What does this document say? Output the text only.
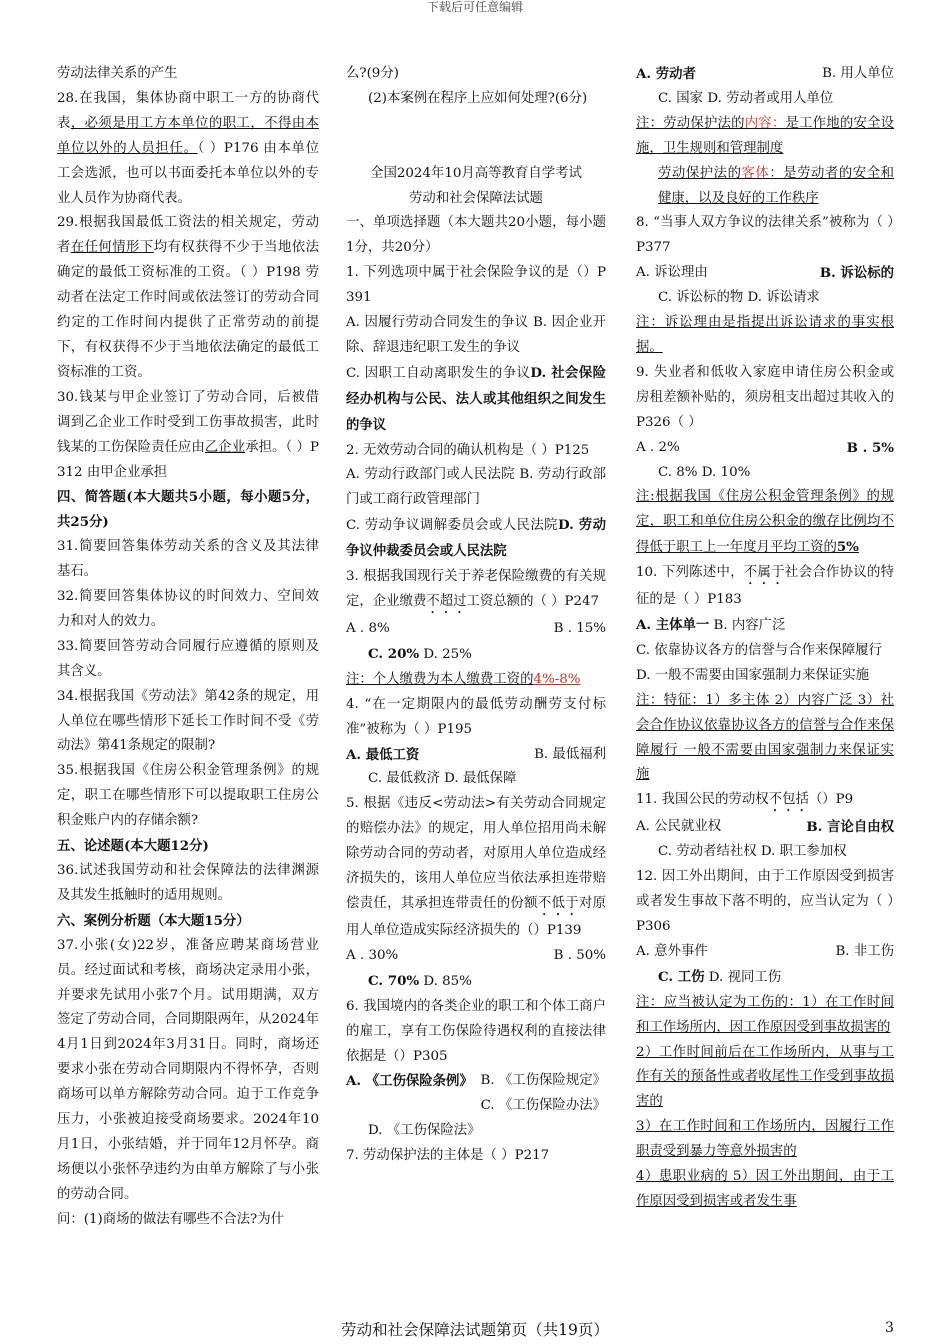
下载后可任意编辑

劳动法律关系的产生

28.在我国，集体协商中职工一方的协商代表，必须是用工方本单位的职工，不得由本单位以外的人员担任。（ ）P176 由本单位工会选派，也可以书面委托本单位以外的专业人员作为协商代表。

29.根据我国最低工资法的相关规定，劳动者在任何情形下均有权获得不少于当地依法确定的最低工资标准的工资。（ ）P198 劳动者在法定工作时间或依法签订的劳动合同约定的工作时间内提供了正常劳动的前提下，有权获得不少于当地依法确定的最低工资标准的工资。

30.钱某与甲企业签订了劳动合同，后被借调到乙企业工作时受到工伤事故损害，此时钱某的工伤保险责任应由乙企业承担。（ ）P312 由甲企业承担

四、简答题(本大题共5小题，每小题5分，共25分)

31.简要回答集体劳动关系的含义及其法律基石。

32.简要回答集体协议的时间效力、空间效力和对人的效力。

33.简要回答劳动合同履行应遵循的原则及其含义。

34.根据我国《劳动法》第42条的规定，用人单位在哪些情形下延长工作时间不受《劳动法》第41条规定的限制?

35.根据我国《住房公积金管理条例》的规定，职工在哪些情形下可以提取职工住房公积金账户内的存储余额?

五、论述题(本大题12分)

36.试述我国劳动和社会保障法的法律渊源及其发生抵触时的适用规则。

六、案例分析题（本大题15分）

37.小张(女)22岁，准备应聘某商场营业员。经过面试和考核，商场决定录用小张，并要求先试用小张7个月。试用期满，双方签定了劳动合同，合同期限两年，从2024年4月1日到2024年3月31日。同时，商场还要求小张在劳动合同期限内不得怀孕，否则商场可以单方解除劳动合同。迫于工作竞争压力，小张被迫接受商场要求。2024年10月1日，小张结婚，并于同年12月怀孕。商场便以小张怀孕违约为由单方解除了与小张的劳动合同。

问：(1)商场的做法有哪些不合法?为什

么?(9分)

(2)本案例在程序上应如何处理?(6分)

全国2024年10月高等教育自学考试

劳动和社会保障法试题

一、单项选择题（本大题共20小题，每小题1分，共20分）

1. 下列选项中属于社会保险争议的是（）P391

A. 因履行劳动合同发生的争议 B. 因企业开除、辞退违纪职工发生的争议

C. 因职工自动离职发生的争议D. 社会保险经办机构与公民、法人或其他组织之间发生的争议

2. 无效劳动合同的确认机构是（ ）P125

A. 劳动行政部门或人民法院 B. 劳动行政部门或工商行政管理部门

C. 劳动争议调解委员会或人民法院D. 劳动争议仲裁委员会或人民法院

3. 根据我国现行关于养老保险缴费的有关规定，企业缴费不超过工资总额的（ ）P247

A . 8%	B . 15%

C. 20% D. 25%

注：个人缴费为本人缴费工资的4%-8%

4. “在一定期限内的最低劳动酬劳支付标准”被称为（ ）P195

A. 最低工资	B. 最低福利

C. 最低救济 D. 最低保障

5. 根据《违反<劳动法>有关劳动合同规定的赔偿办法》的规定，用人单位招用尚未解除劳动合同的劳动者，对原用人单位造成经济损失的，该用人单位应当依法承担连带赔偿责任，其承担连带责任的份额不低于对原用人单位造成实际经济损失的（）P139

A . 30%	B . 50%

C. 70% D. 85%

6. 我国境内的各类企业的职工和个体工商户的雇工，享有工伤保险待遇权利的直接法律依据是（）P305

A. 《工伤保险条例》 B. 《工伤保险规定》

C. 《工伤保险办法》

D. 《工伤保险法》

7. 劳动保护法的主体是（ ）P217

A. 劳动者	B. 用人单位

C. 国家 D. 劳动者或用人单位

注：劳动保护法的内容：是工作地的安全设施，卫生规则和管理制度

劳动保护法的客体：是劳动者的安全和健康，以及良好的工作秩序

8. “当事人双方争议的法律关系”被称为（ ）P377

A. 诉讼理由	B. 诉讼标的

C. 诉讼标的物 D. 诉讼请求

注：诉讼理由是指提出诉讼请求的事实根据。

9. 失业者和低收入家庭申请住房公积金或房租差额补贴的，须房租支出超过其收入的P326（ ）

A . 2%	B . 5%

C. 8% D. 10%

注:根据我国《住房公积金管理条例》的规定，职工和单位住房公积金的缴存比例均不得低于职工上一年度月平均工资的5%

10. 下列陈述中，不属于社会合作协议的特征的是（ ）P183

A. 主体单一 B. 内容广泛

C. 依靠协议各方的信誉与合作来保障履行

D. 一般不需要由国家强制力来保证实施

注：特征：1）多主体 2）内容广泛 3）社会合作协议依靠协议各方的信誉与合作来保障履行 一般不需要由国家强制力来保证实施

11. 我国公民的劳动权不包括（）P9

A. 公民就业权	B. 言论自由权

C. 劳动者结社权 D. 职工参加权

12. 因工外出期间，由于工作原因受到损害或者发生事故下落不明的，应当认定为（ ）P306

A. 意外事件	B. 非工伤

C. 工伤 D. 视同工伤

注：应当被认定为工伤的：1）在工作时间和工作场所内，因工作原因受到事故损害的

2）工作时间前后在工作场所内，从事与工作有关的预备性或者收尾性工作受到事故损害的

3）在工作时间和工作场所内，因履行工作职责受到暴力等意外损害的

4）患职业病的 5）因工外出期间，由于工作原因受到损害或者发生事

劳动和社会保障法试题第页（共19页）	3
